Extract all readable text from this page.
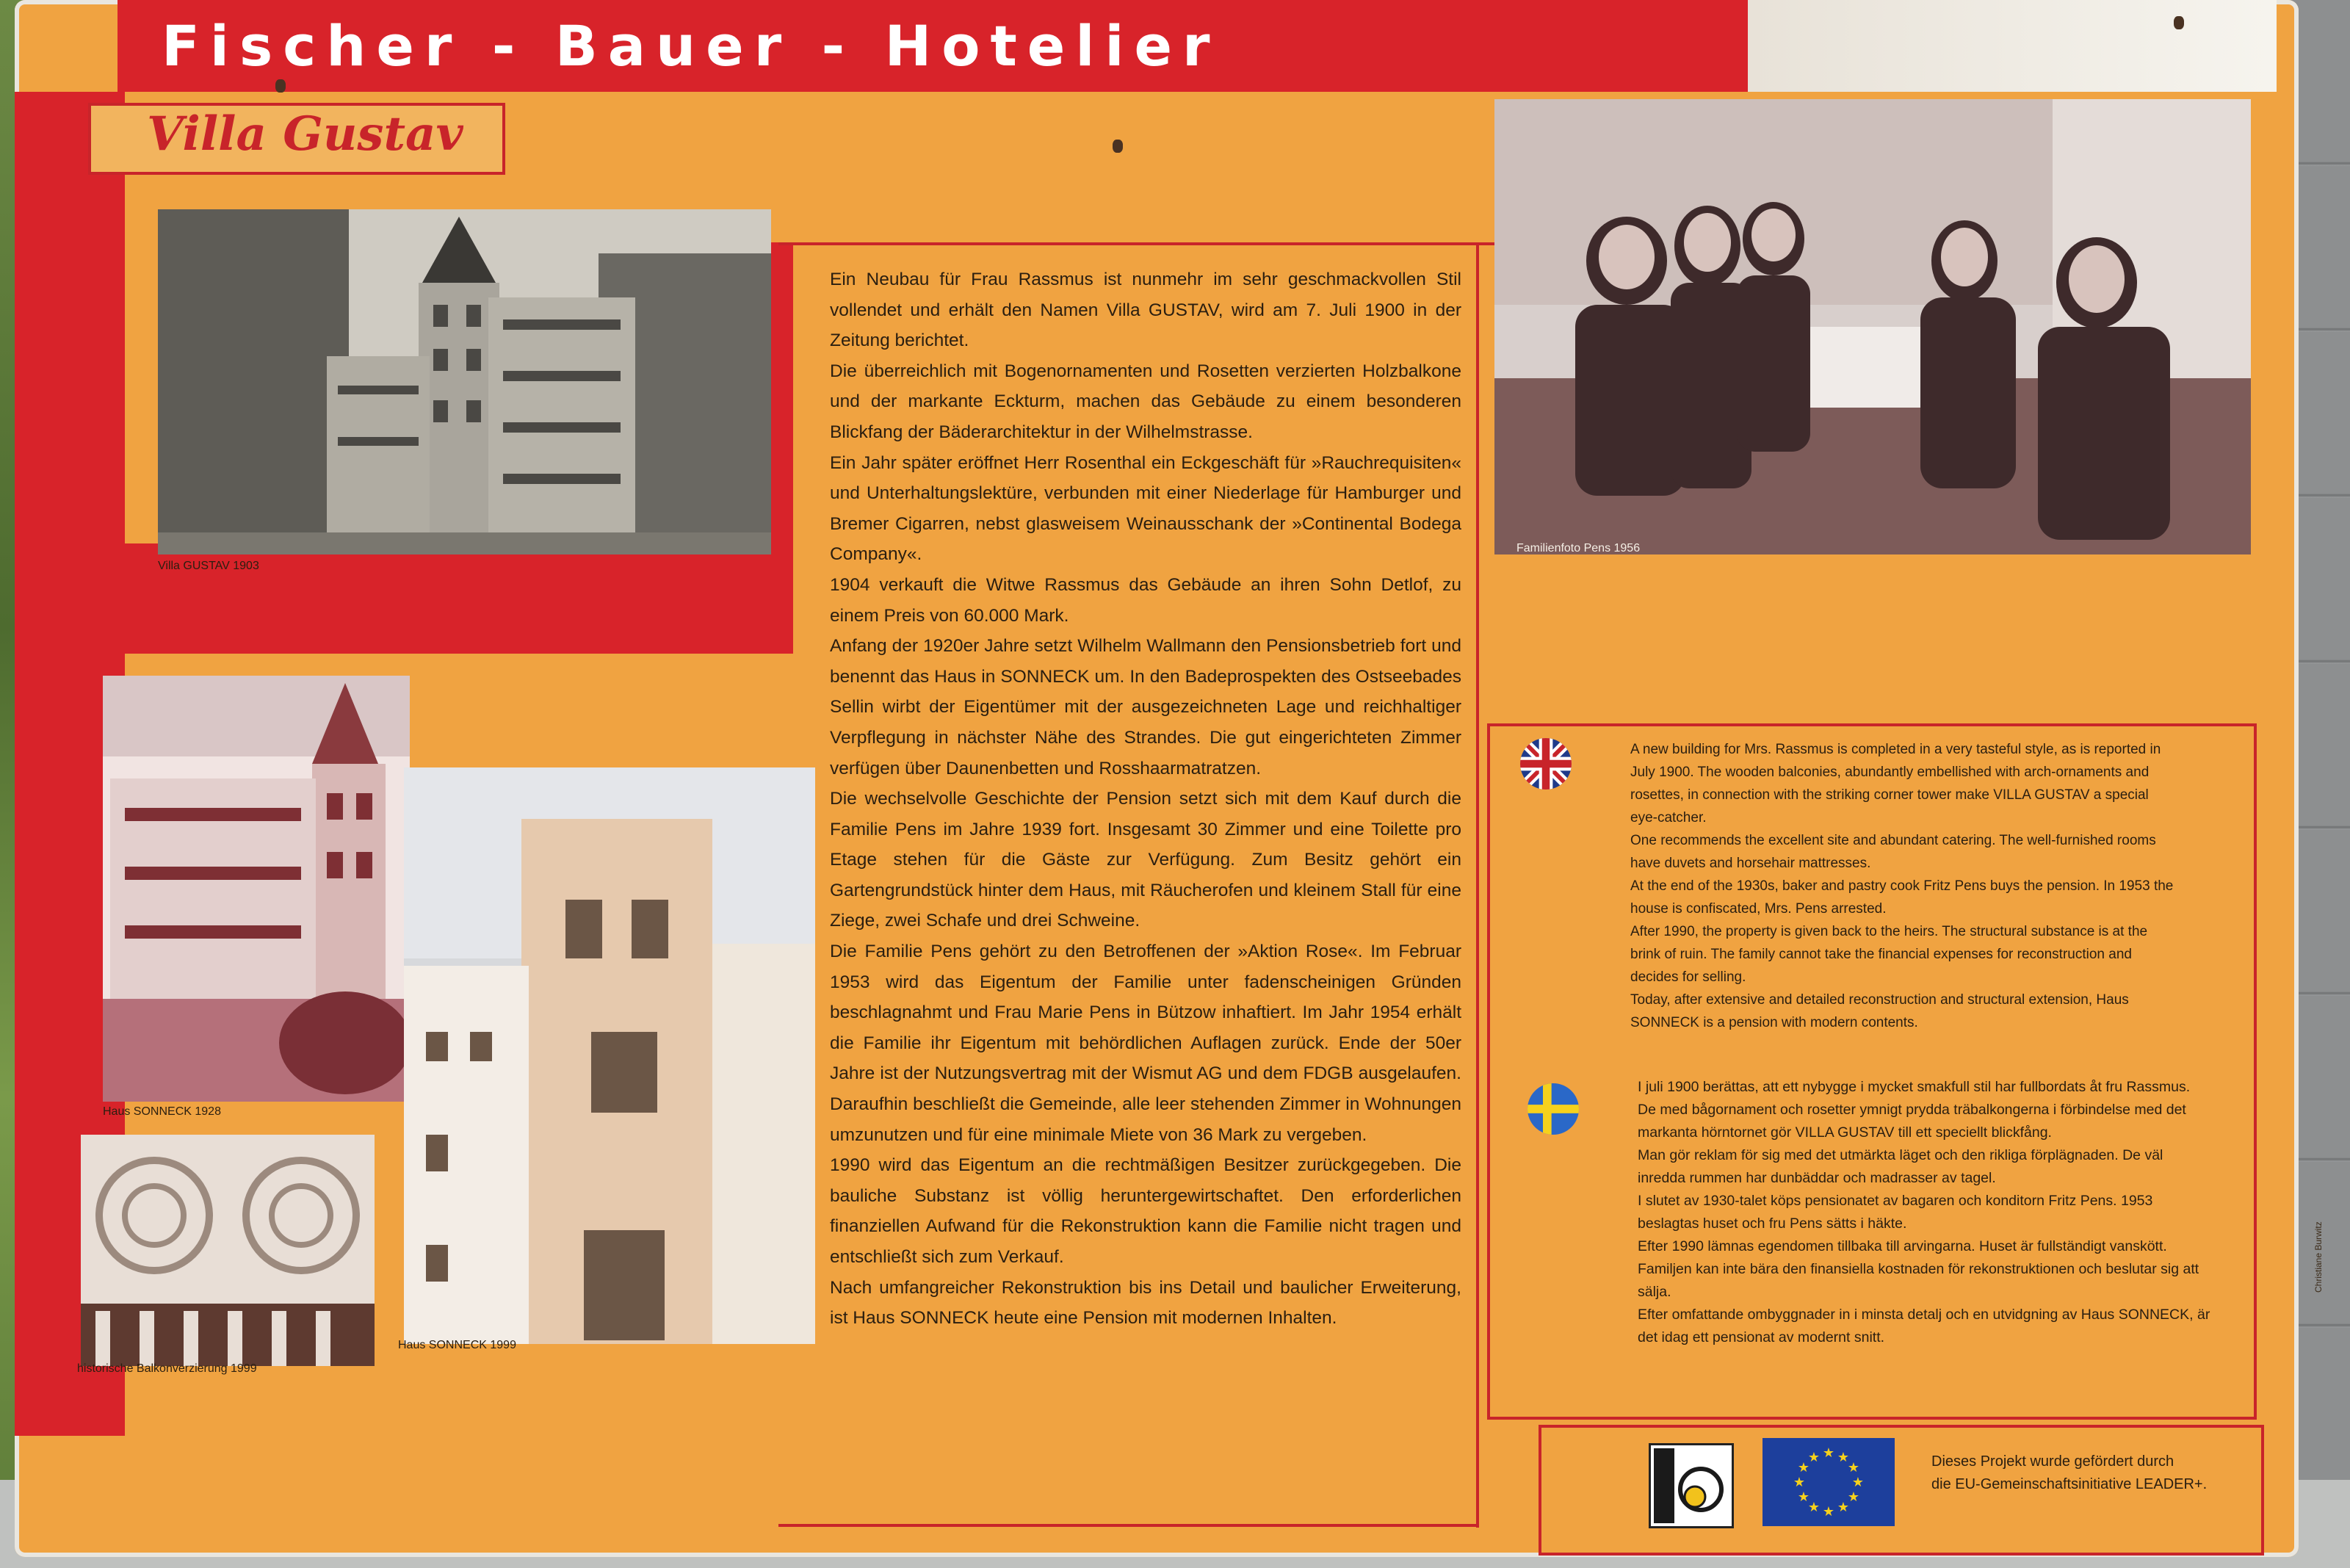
Fischer - Bauer - Hotelier
Villa Gustav
Villa GUSTAV 1903
Familienfoto Pens 1956
Haus SONNECK 1928
historische Balkonverzierung 1999
Haus SONNECK 1999

Ein Neubau für Frau Rassmus ist nunmehr im sehr geschmackvollen Stil vollendet und erhält den Namen Villa GUSTAV, wird am 7. Juli 1900 in der Zeitung berichtet.

Die überreichlich mit Bogenornamenten und Rosetten verzierten Holzbalkone und der markante Eckturm, machen das Gebäude zu einem besonderen Blickfang der Bäderarchitektur in der Wilhelmstrasse.

Ein Jahr später eröffnet Herr Rosenthal ein Eckgeschäft für »Rauchrequisiten« und Unterhaltungslektüre, verbunden mit einer Niederlage für Hamburger und Bremer Cigarren, nebst glasweisem Weinausschank der »Continental Bodega Company«.

1904 verkauft die Witwe Rassmus das Gebäude an ihren Sohn Detlof, zu einem Preis von 60.000 Mark.

Anfang der 1920er Jahre setzt Wilhelm Wallmann den Pensionsbetrieb fort und benennt das Haus in SONNECK um. In den Badeprospekten des Ostseebades Sellin wirbt der Eigentümer mit der ausgezeichneten Lage und reichhaltiger Verpflegung in nächster Nähe des Strandes. Die gut eingerichteten Zimmer verfügen über Daunenbetten und Rosshaarmatratzen.

Die wechselvolle Geschichte der Pension setzt sich mit dem Kauf durch die Familie Pens im Jahre 1939 fort. Insgesamt 30 Zimmer und eine Toilette pro Etage stehen für die Gäste zur Verfügung. Zum Besitz gehört ein Gartengrundstück hinter dem Haus, mit Räucherofen und kleinem Stall für eine Ziege, zwei Schafe und drei Schweine.

Die Familie Pens gehört zu den Betroffenen der »Aktion Rose«. Im Februar 1953 wird das Eigentum der Familie unter fadenscheinigen Gründen beschlagnahmt und Frau Marie Pens in Bützow inhaftiert. Im Jahr 1954 erhält die Familie ihr Eigentum mit behördlichen Auflagen zurück. Ende der 50er Jahre ist der Nutzungsvertrag mit der Wismut AG und dem FDGB ausgelaufen. Daraufhin beschließt die Gemeinde, alle leer stehenden Zimmer in Wohnungen umzunutzen und für eine minimale Miete von 36 Mark zu vergeben.

1990 wird das Eigentum an die rechtmäßigen Besitzer zurückgegeben. Die bauliche Substanz ist völlig heruntergewirtschaftet. Den erforderlichen finanziellen Aufwand für die Rekonstruktion kann die Familie nicht tragen und entschließt sich zum Verkauf.

Nach umfangreicher Rekonstruktion bis ins Detail und baulicher Erweiterung, ist Haus SONNECK heute eine Pension mit modernen Inhalten.

A new building for Mrs. Rassmus is completed in a very tasteful style, as is reported in July 1900. The wooden balconies, abundantly embellished with arch-ornaments and rosettes, in connection with the striking corner tower make VILLA GUSTAV a special eye-catcher.

One recommends the excellent site and abundant catering. The well-furnished rooms have duvets and horsehair mattresses.

At the end of the 1930s, baker and pastry cook Fritz Pens buys the pension. In 1953 the house is confiscated, Mrs. Pens arrested.

After 1990, the property is given back to the heirs. The structural substance is at the brink of ruin. The family cannot take the financial expenses for reconstruction and decides for selling.

Today, after extensive and detailed reconstruction and structural extension, Haus SONNECK is a pension with modern contents.

I juli 1900 berättas, att ett nybygge i mycket smakfull stil har fullbordats åt fru Rassmus. De med bågornament och rosetter ymnigt prydda träbalkongerna i förbindelse med det markanta hörntornet gör VILLA GUSTAV till ett speciellt blickfång.

Man gör reklam för sig med det utmärkta läget och den rikliga förplägnaden. De väl inredda rummen har dunbäddar och madrasser av tagel.

I slutet av 1930-talet köps pensionatet av bagaren och konditorn Fritz Pens. 1953 beslagtas huset och fru Pens sätts i häkte.

Efter 1990 lämnas egendomen tillbaka till arvingarna. Huset är fullständigt vanskött. Familjen kan inte bära den finansiella kostnaden för rekonstruktionen och beslutar sig att sälja.

Efter omfattande ombyggnader in i minsta detalj och en utvidgning av Haus SONNECK, är det idag ett pensionat av modernt snitt.

★ ★
★
★
★
★
★
★
★
★
★
★	Dieses Projekt wurde gefördert durch
die EU-Gemeinschaftsinitiative LEADER+.
Christiane Burwitz
